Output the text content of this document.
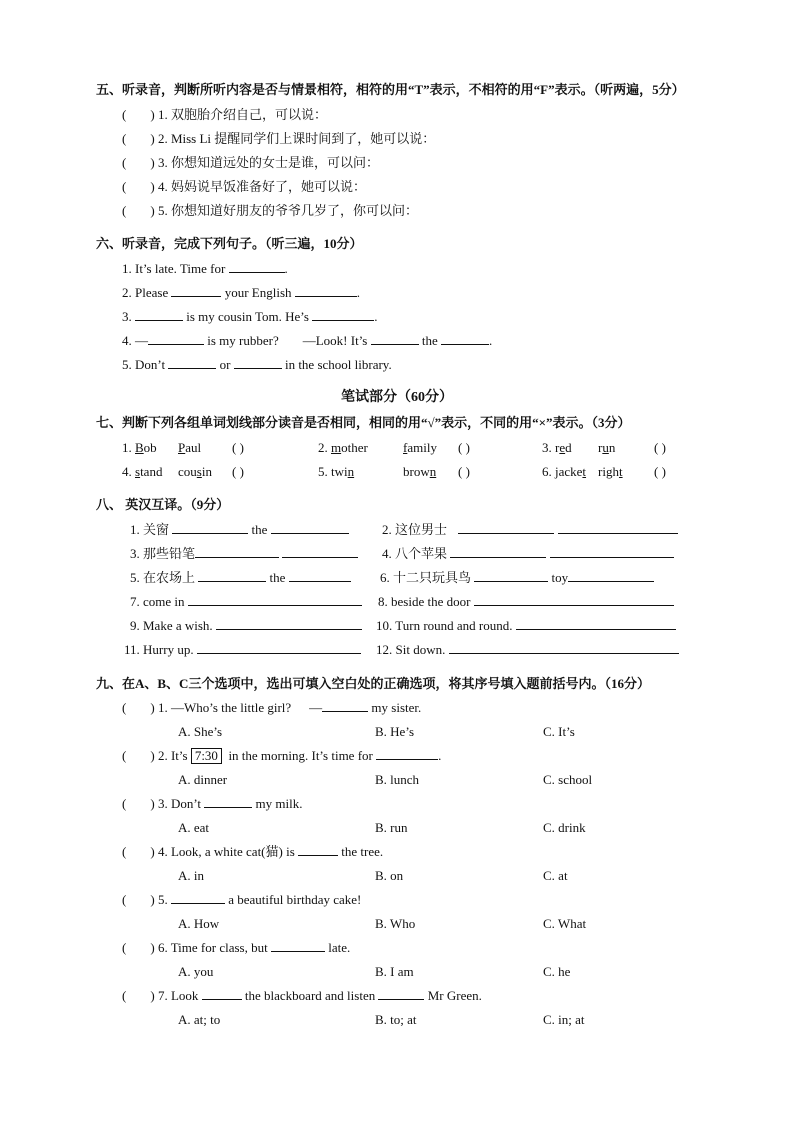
五、听录音，判断所听内容是否与情景相符，相符的用“T”表示，不相符的用“F”表示。（听两遍，5分）
( ) 1. 双胞胎介绍自己，可以说：
( ) 2. Miss Li 提醒同学们上课时间到了，她可以说：
( ) 3. 你想知道远处的女士是谁，可以问：
( ) 4. 妈妈说早饭准备好了，她可以说：
( ) 5. 你想知道好朋友的爷爷几岁了，你可以问：
六、听录音，完成下列句子。（听三遍，10分）
1. It’s late. Time for	.
2. Please	your English	.
3.	is my cousin Tom. He’s	.
4. —	is my rubber? —Look! It’s	the	.
5. Don’t	or	in the school library.
笔试部分（60分）
七、判断下列各组单词划线部分读音是否相同，相同的用“√”表示，不同的用“×”表示。（3分）
1. Bob Paul ( )	2. mother	family ( )	3. red run	( )
4. stand cousin ( )	5. twin	brown ( )	6. jacket right ( )
八、 英汉互译。（9分）
1. 关窗	the	2. 这位男士
3. 那些铅笔	4. 八个苹果
5. 在农场上	the	6. 十二只玩具鸟	toy
7. come in	8. beside the door
9. Make a wish.	10. Turn round and round.
11. Hurry up.	12. Sit down.
九、在A、B、C三个选项中，选出可填入空白处的正确选项，将其序号填入题前括号内。（16分）
( ) 1. —Who’s the little girl? —	my sister.
A. She’s	B. He’s	C. It’s
( ) 2. It’s 7:30 in the morning. It’s time for	.
A. dinner	B. lunch	C. school
( ) 3. Don’t	my milk.
A. eat	B. run	C. drink
( ) 4. Look, a white cat(猫) is	the tree.
A. in	B. on	C. at
( ) 5.	a beautiful birthday cake!
A. How	B. Who	C. What
( ) 6. Time for class, but	late.
A. you	B. I am	C. he
( ) 7. Look	the blackboard and listen	Mr Green.
A. at; to	B. to; at	C. in; at
